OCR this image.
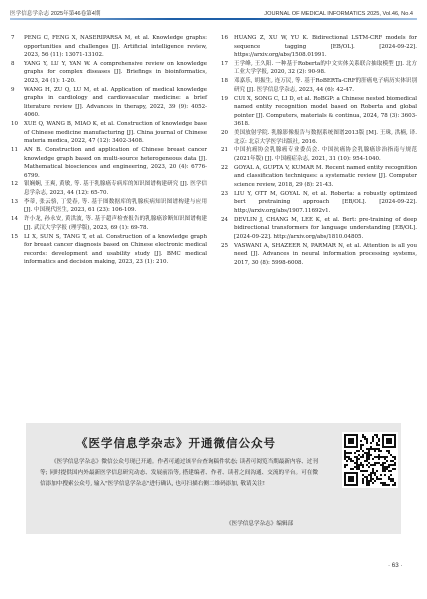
医学信息学杂志 2025年第46卷第4期	JOURNAL OF MEDICAL INFORMATICS 2025, Vol.46, No.4
7	PENG C, FENG X, NASERIPARSA M, et al. Knowledge graphs: opportunities and challenges [J]. Artificial intelligence review, 2023, 56 (11): 13071-13102.
8	YANG Y, LU Y, YAN W. A comprehensive review on knowledge graphs for complex diseases [J]. Briefings in bioinformatics, 2023, 24 (1): 1-20.
9	WANG H, ZU Q, LU M, et al. Application of medical knowledge graphs in cardiology and cardiovascular medicine: a brief literature review [J]. Advances in therapy, 2022, 39 (9): 4052-4060.
10	XUE Q, WANG B, MIAO K, et al. Construction of knowledge base of Chinese medicine manufacturing [J]. China journal of Chinese materia medica, 2022, 47 (12): 3402-3408.
11	AN B. Construction and application of Chinese breast cancer knowledge graph based on multi-source heterogeneous data [J]. Mathematical biosciences and engineering, 2023, 20 (4): 6776-6799.
12	银娴娴, 王爽, 黄敏, 等. 基于乳腺癌专病库的知识图谱构建研究 [J]. 医学信息学杂志, 2023, 44 (12): 65-70.
13	李蒂, 张云骆, 丁爱春, 等. 基于图数据库的乳腺疾病知识图谱构建与应用 [J]. 中国现代医生, 2023, 61 (23): 106-109.
14	许小龙, 孙永安, 黄洪波, 等. 基于超声检查报告的乳腺癌诊断知识图谱构建 [J]. 武汉大学学报 (理学版), 2023, 69 (1): 69-78.
15	LI X, SUN S, TANG T, et al. Construction of a knowledge graph for breast cancer diagnosis based on Chinese electronic medical records: development and usability study [J]. BMC medical informatics and decision making, 2023, 23 (1): 210.
16	HUANG Z, XU W, YU K. Bidirectional LSTM-CRF models for sequence tagging [EB/OL]. [2024-09-22]. https://arxiv.org/abs/1508.01991.
17	王学峰, 王久阳. 一种基于Roberta的中文实体关系联合抽取模型 [J]. 北方工业大学学报, 2020, 32 (2): 90-98.
18	邓嘉乐, 胡振生, 连万民, 等. 基于RoBERTa-CRF的肝癌电子病历实体识别研究 [J]. 医学信息学杂志, 2023, 44 (6): 42-47.
19	CUI X, SONG C, LI D, et al. RoBGP: a Chinese nested biomedical named entity recognition model based on Roberta and global pointer [J]. Computers, materials & continua, 2024, 78 (3): 3603-3618.
20	美国放射学院. 乳腺影像报告与数据系统图谱2013版 [M]. 王珠, 洪楠, 译. 北京: 北京大学医学出版社, 2016.
21	中国抗癌协会乳腺癌专业委员会. 中国抗癌协会乳腺癌诊治指南与规范 (2021年版) [J]. 中国癌症杂志, 2021, 31 (10): 954-1040.
22	GOYAL A, GUPTA V, KUMAR M. Recent named entity recognition and classification techniques: a systematic review [J]. Computer science review, 2018, 29 (8): 21-43.
23	LIU Y, OTT M, GOYAL N, et al. Roberta: a robustly optimized bert pretraining approach [EB/OL]. [2024-09-22]. http://arxiv.org/abs/1907.11692v1.
24	DEVLIN J, CHANG M, LEE K, et al. Bert: pre-training of deep bidirectional transformers for language understanding [EB/OL]. [2024-09-22]. http://arxiv.org/abs/1810.04805.
25	VASWANI A, SHAZEER N, PARMAR N, et al. Attention is all you need [J]. Advances in neural information processing systems, 2017, 30 (8): 5998-6008.
《医学信息学杂志》开通微信公众号
《医学信息学杂志》微信公众号现已开通。作者可通过该平台查询稿件状态; 读者可阅览当期最新内容、过刊等; 同时提供国内外最新医学信息研究动态、发展前沿等, 搭建编者、作者、读者之间沟通、交流的平台。可在微信添加中搜索公众号, 输入"医学信息学杂志"进行确认, 也可扫描右侧二维码添加, 敬请关注!
《医学信息学杂志》编辑部
· 63 ·
